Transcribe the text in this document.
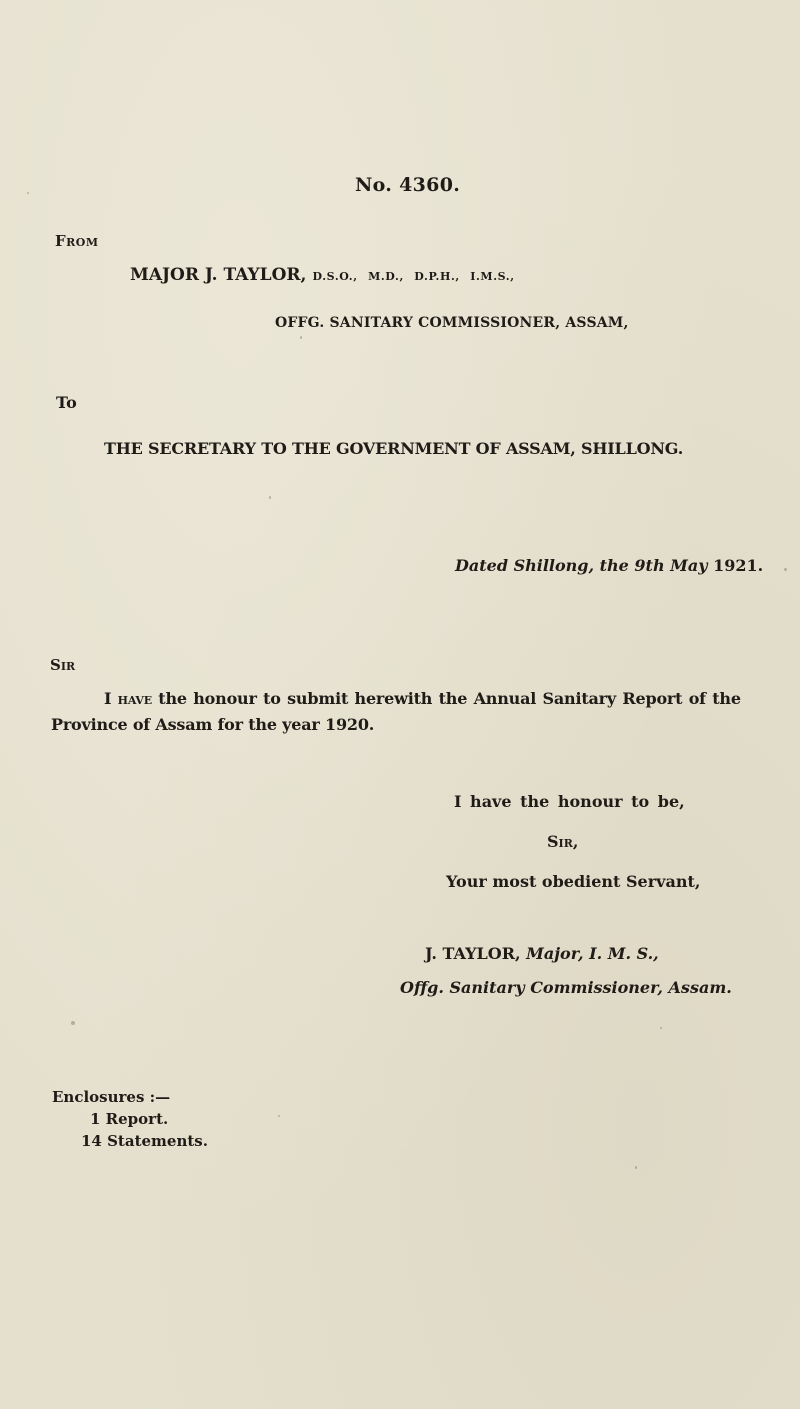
No. 4360.
From
MAJOR J. TAYLOR, D.S.O., M.D., D.P.H., I.M.S.,
OFFG. SANITARY COMMISSIONER, ASSAM,
To
THE SECRETARY TO THE GOVERNMENT OF ASSAM, SHILLONG.
Dated Shillong, the 9th May 1921.
Sir
I have the honour to submit herewith the Annual Sanitary Report of the
Province of Assam for the year 1920.
I have the honour to be,
Sir,
Your most obedient Servant,
J. TAYLOR, Major, I. M. S.,
Offg. Sanitary Commissioner, Assam.
Enclosures :—
1 Report.
14 Statements.
